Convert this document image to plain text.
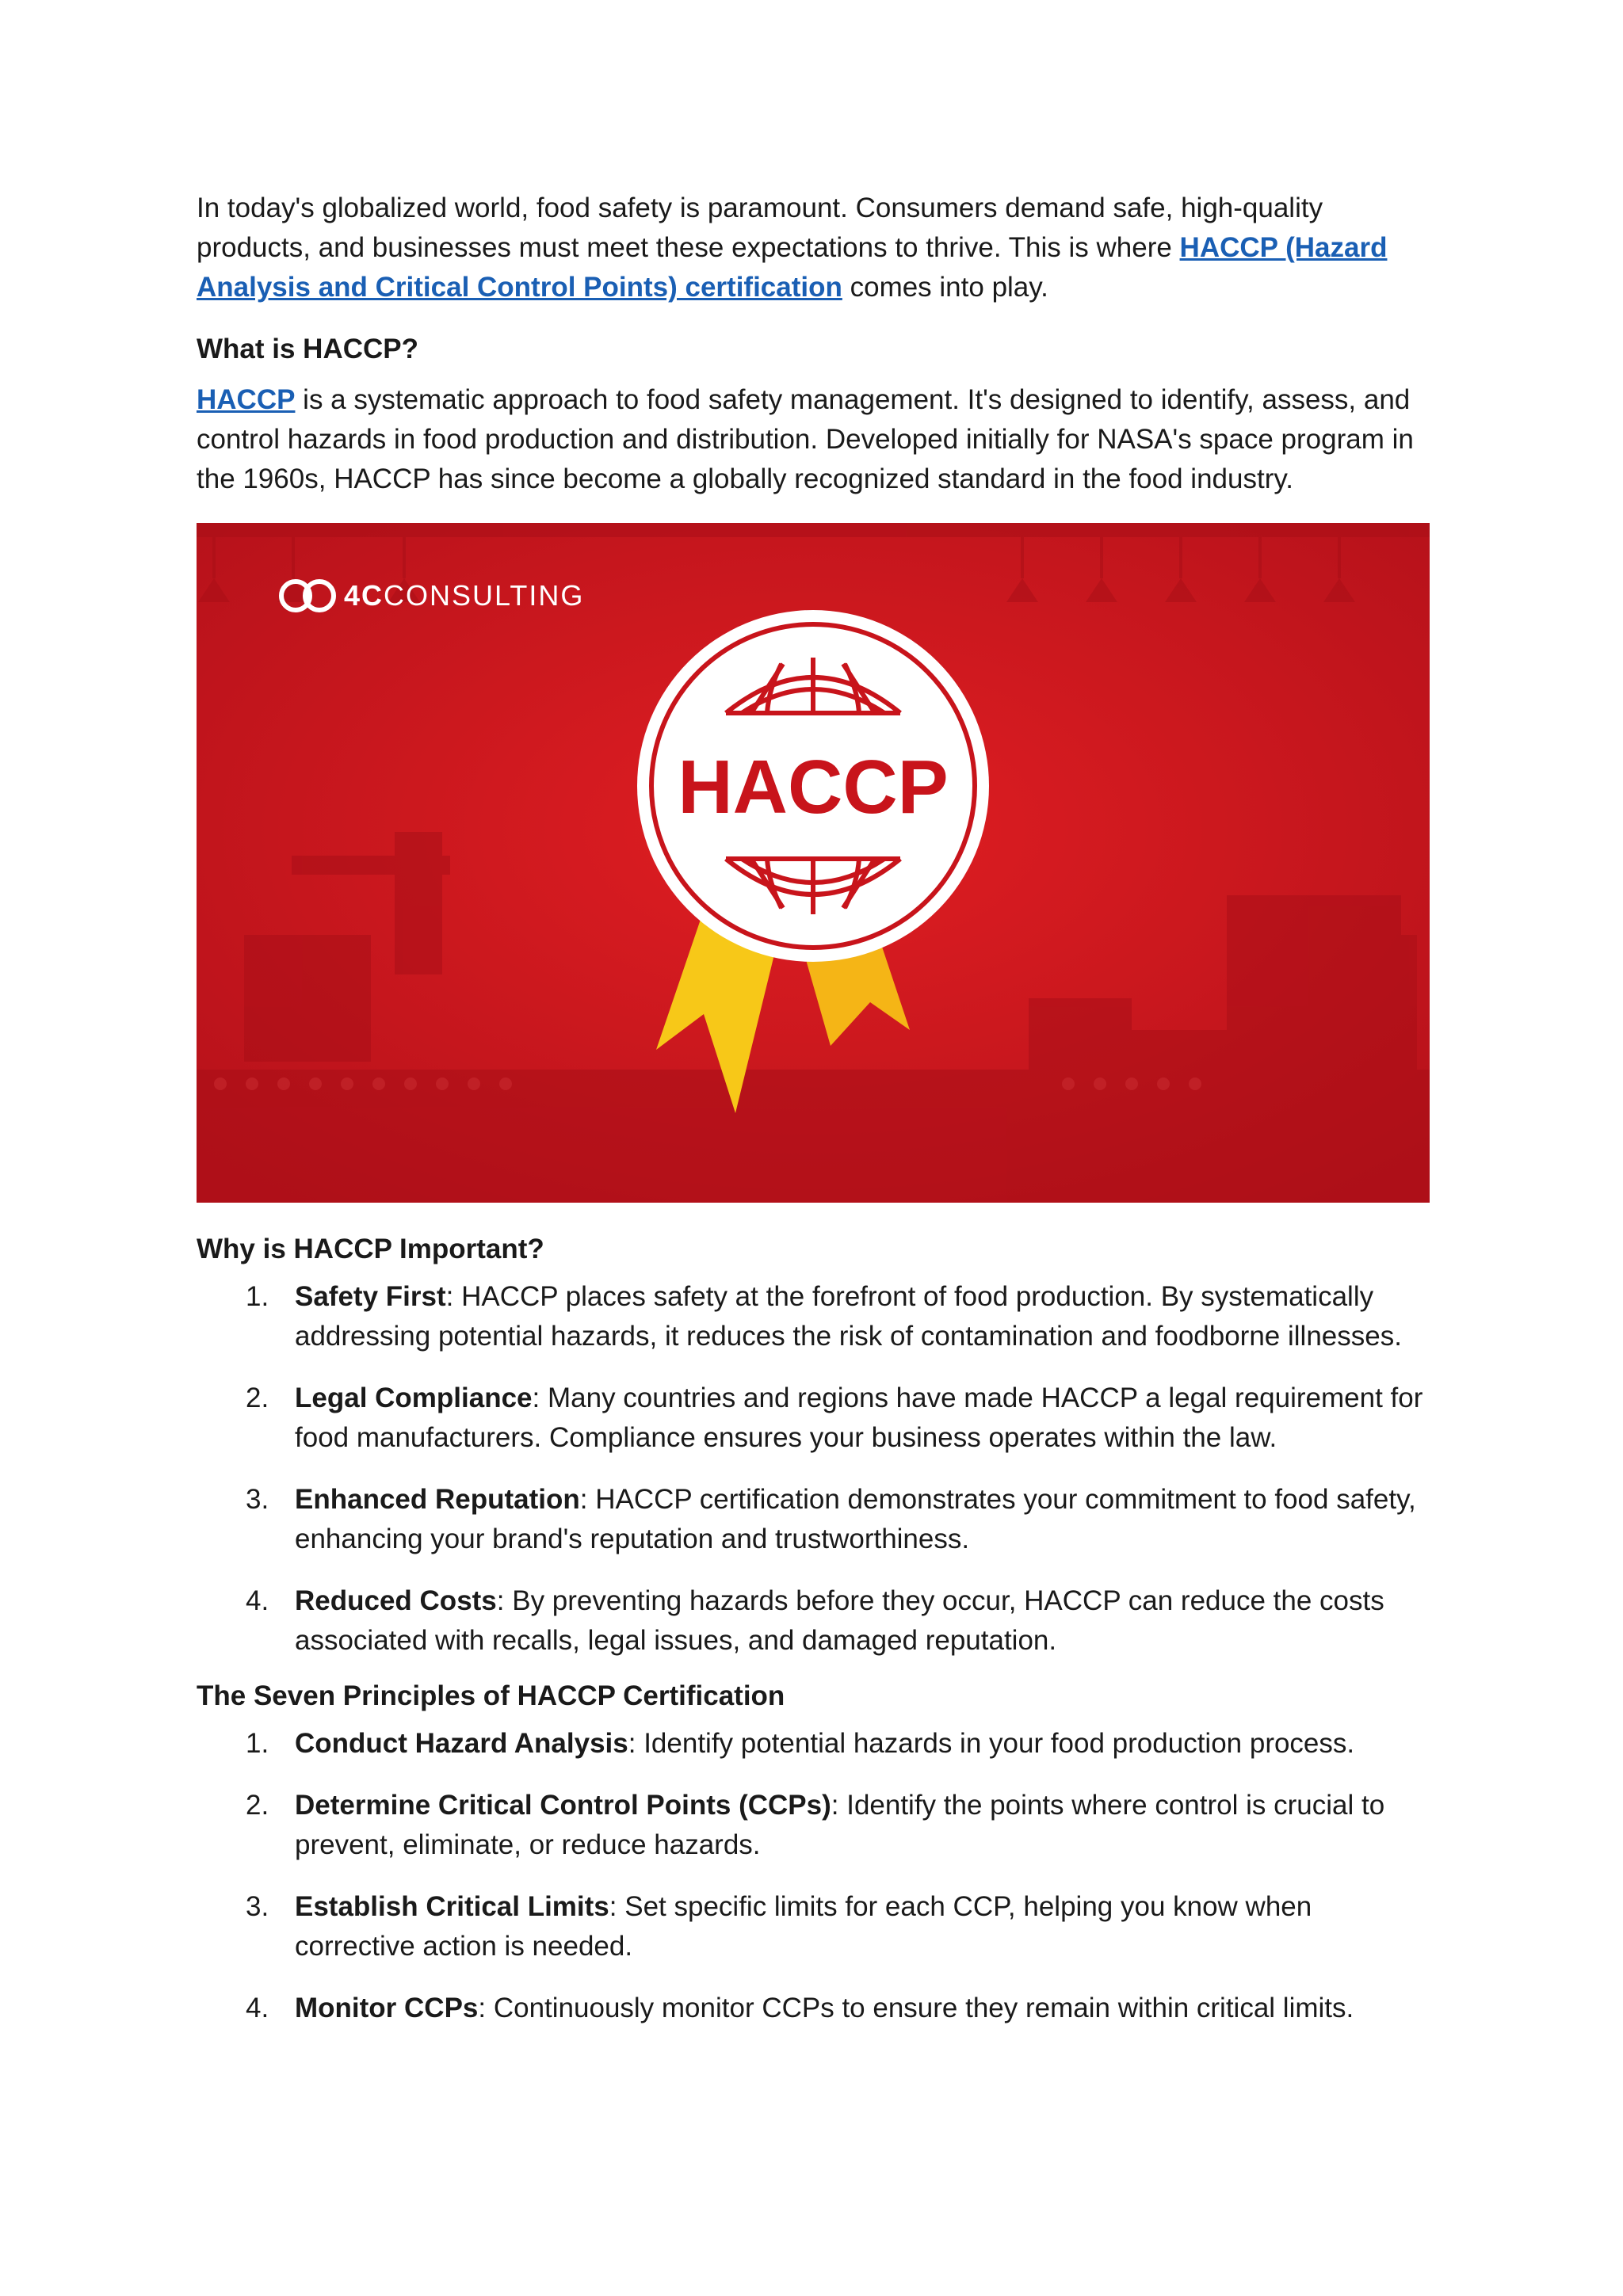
In today's globalized world, food safety is paramount. Consumers demand safe, high-quality products, and businesses must meet these expectations to thrive. This is where HACCP (Hazard Analysis and Critical Control Points) certification comes into play.

What is HACCP?

HACCP is a systematic approach to food safety management. It's designed to identify, assess, and control hazards in food production and distribution. Developed initially for NASA's space program in the 1960s, HACCP has since become a globally recognized standard in the food industry.

4CCONSULTING
HACCP

Why is HACCP Important?

1. Safety First: HACCP places safety at the forefront of food production. By systematically addressing potential hazards, it reduces the risk of contamination and foodborne illnesses.
2. Legal Compliance: Many countries and regions have made HACCP a legal requirement for food manufacturers. Compliance ensures your business operates within the law.
3. Enhanced Reputation: HACCP certification demonstrates your commitment to food safety, enhancing your brand's reputation and trustworthiness.
4. Reduced Costs: By preventing hazards before they occur, HACCP can reduce the costs associated with recalls, legal issues, and damaged reputation.

The Seven Principles of HACCP Certification

1. Conduct Hazard Analysis: Identify potential hazards in your food production process.
2. Determine Critical Control Points (CCPs): Identify the points where control is crucial to prevent, eliminate, or reduce hazards.
3. Establish Critical Limits: Set specific limits for each CCP, helping you know when corrective action is needed.
4. Monitor CCPs: Continuously monitor CCPs to ensure they remain within critical limits.
